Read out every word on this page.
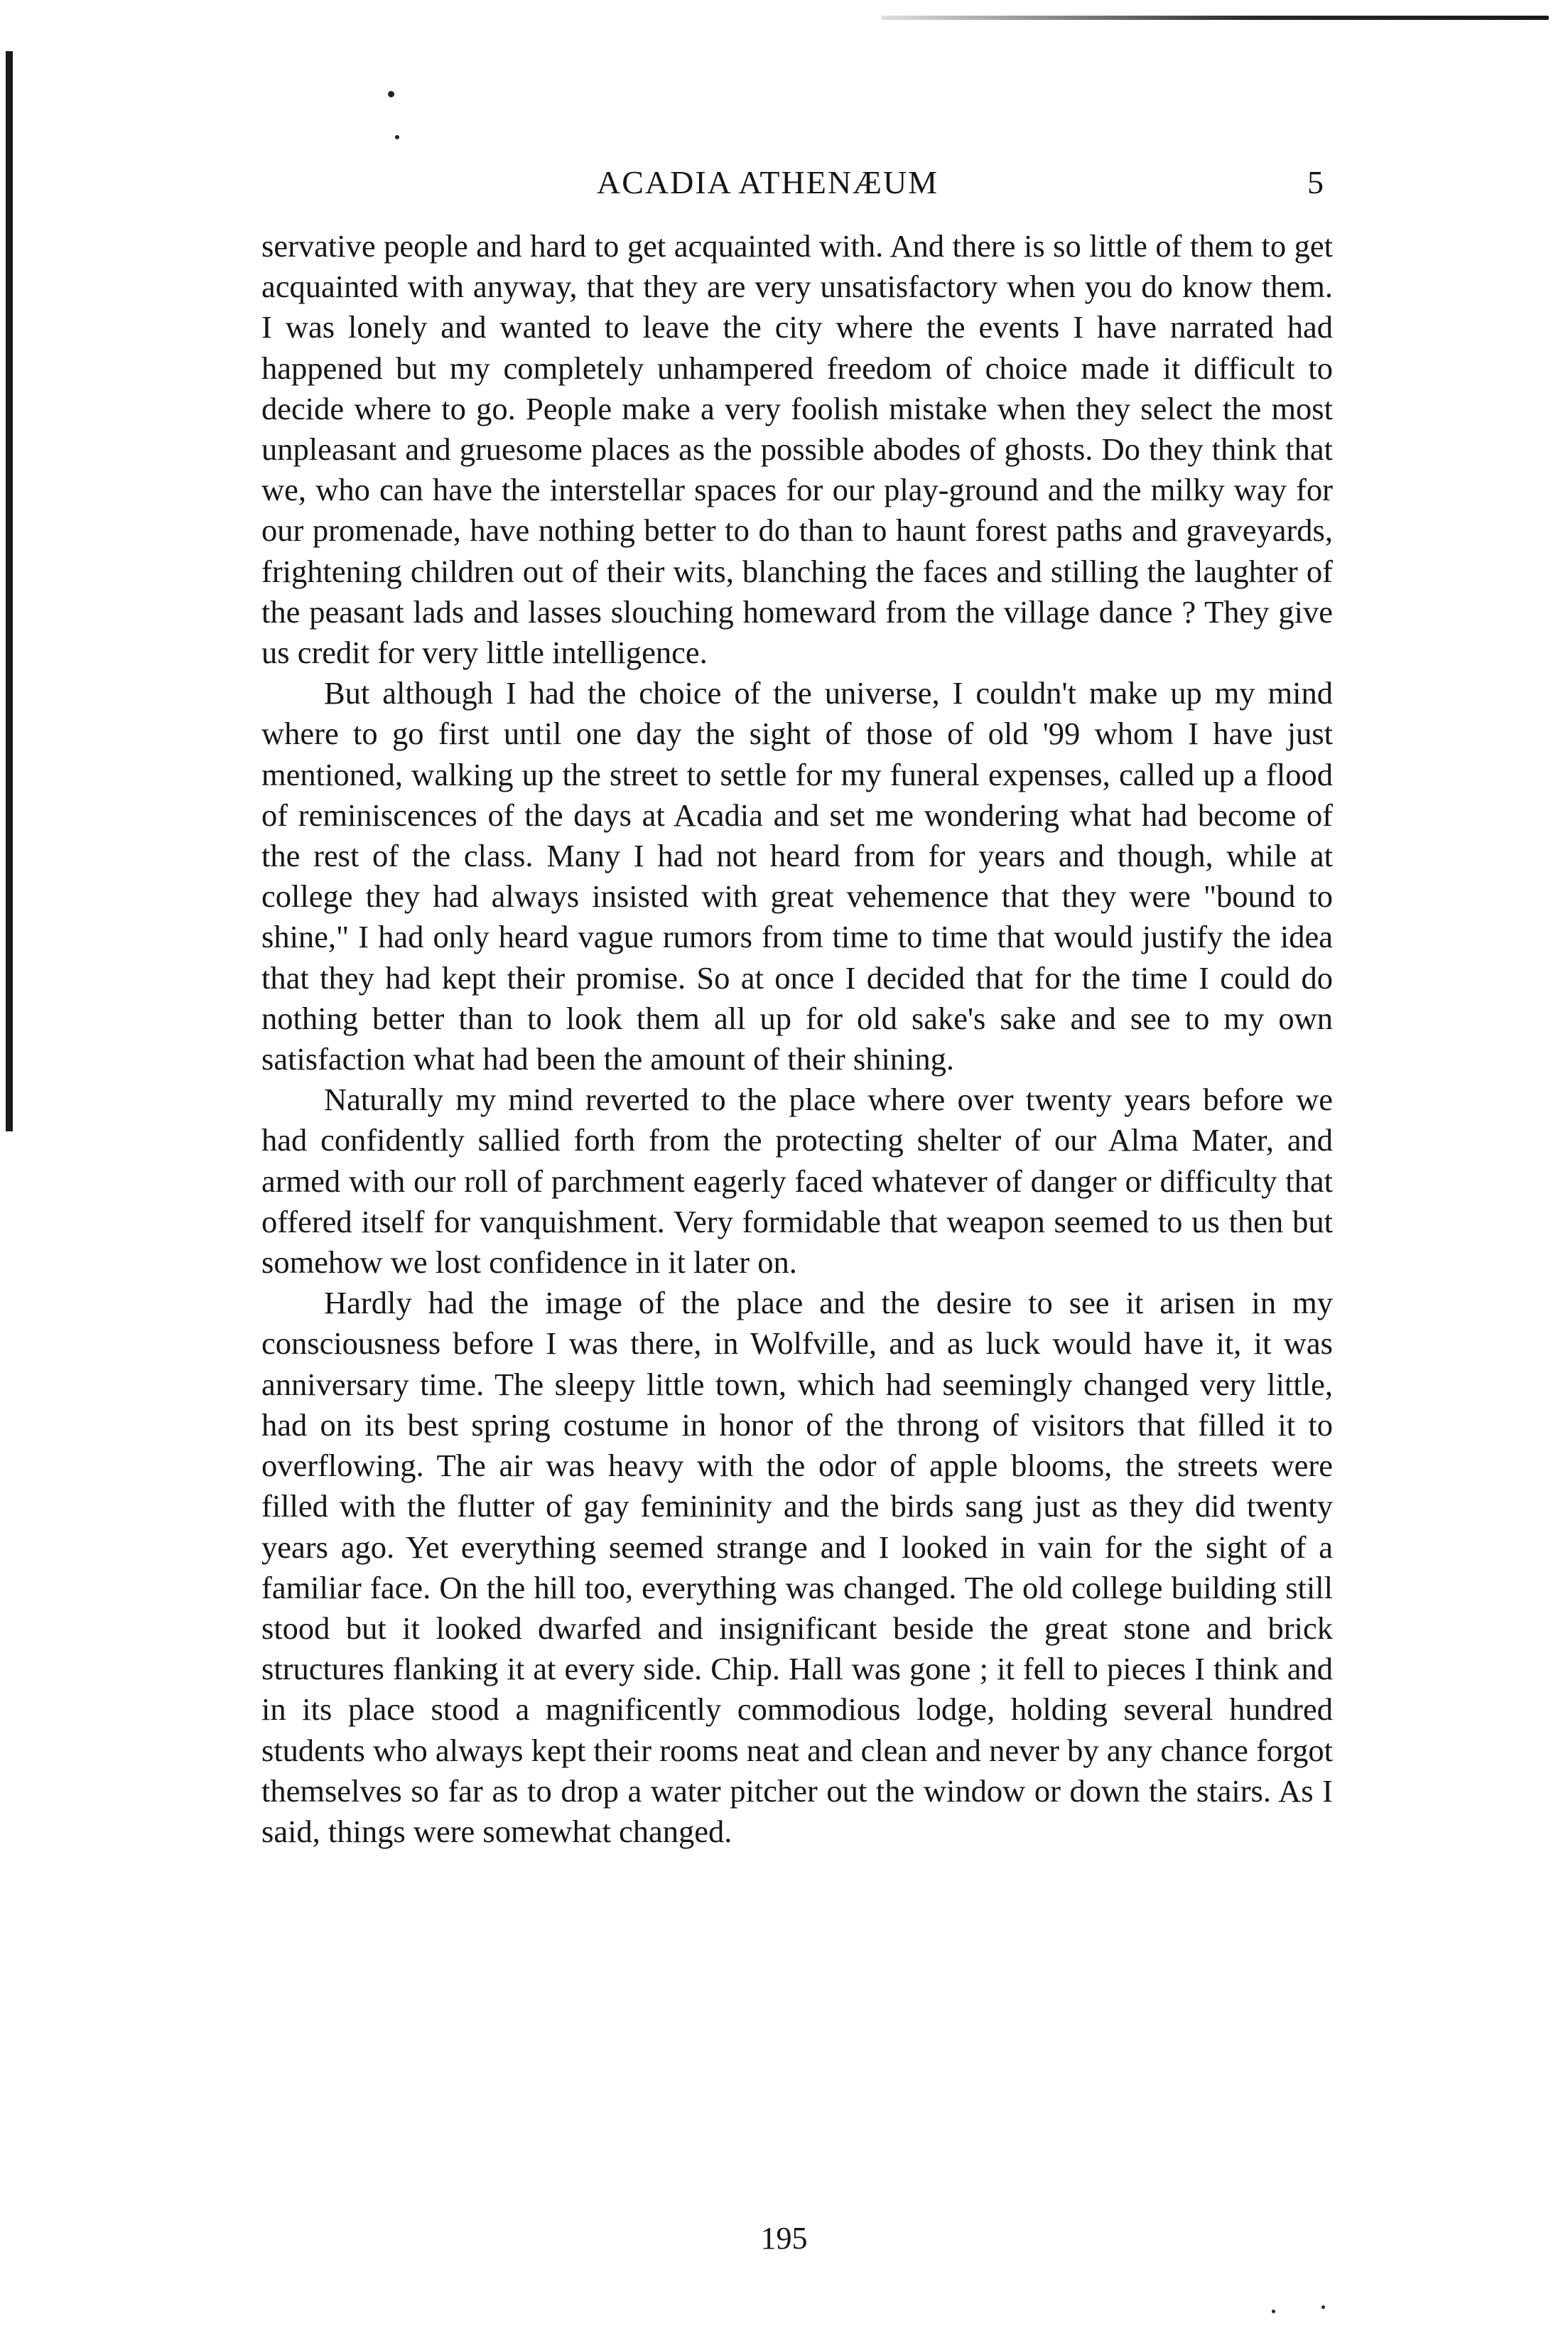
ACADIA ATHENÆUM	5

servative people and hard to get acquainted with. And there is so little of them to get acquainted with anyway, that they are very unsatisfactory when you do know them. I was lonely and wanted to leave the city where the events I have narrated had happened but my completely unhampered freedom of choice made it difficult to decide where to go. People make a very foolish mistake when they select the most unpleasant and gruesome places as the possible abodes of ghosts. Do they think that we, who can have the interstellar spaces for our play-ground and the milky way for our promenade, have nothing better to do than to haunt forest paths and graveyards, frightening children out of their wits, blanching the faces and stilling the laughter of the peasant lads and lasses slouching homeward from the village dance ? They give us credit for very little intelligence.

But although I had the choice of the universe, I couldn't make up my mind where to go first until one day the sight of those of old '99 whom I have just mentioned, walking up the street to settle for my funeral expenses, called up a flood of reminiscences of the days at Acadia and set me wondering what had become of the rest of the class. Many I had not heard from for years and though, while at college they had always insisted with great vehemence that they were "bound to shine," I had only heard vague rumors from time to time that would justify the idea that they had kept their promise. So at once I decided that for the time I could do nothing better than to look them all up for old sake's sake and see to my own satisfaction what had been the amount of their shining.

Naturally my mind reverted to the place where over twenty years before we had confidently sallied forth from the protecting shelter of our Alma Mater, and armed with our roll of parchment eagerly faced whatever of danger or difficulty that offered itself for vanquishment. Very formidable that weapon seemed to us then but somehow we lost confidence in it later on.

Hardly had the image of the place and the desire to see it arisen in my consciousness before I was there, in Wolfville, and as luck would have it, it was anniversary time. The sleepy little town, which had seemingly changed very little, had on its best spring costume in honor of the throng of visitors that filled it to overflowing. The air was heavy with the odor of apple blooms, the streets were filled with the flutter of gay femininity and the birds sang just as they did twenty years ago. Yet everything seemed strange and I looked in vain for the sight of a familiar face. On the hill too, everything was changed. The old college building still stood but it looked dwarfed and insignificant beside the great stone and brick structures flanking it at every side. Chip. Hall was gone ; it fell to pieces I think and in its place stood a magnificently commodious lodge, holding several hundred students who always kept their rooms neat and clean and never by any chance forgot themselves so far as to drop a water pitcher out the window or down the stairs. As I said, things were somewhat changed.

195
